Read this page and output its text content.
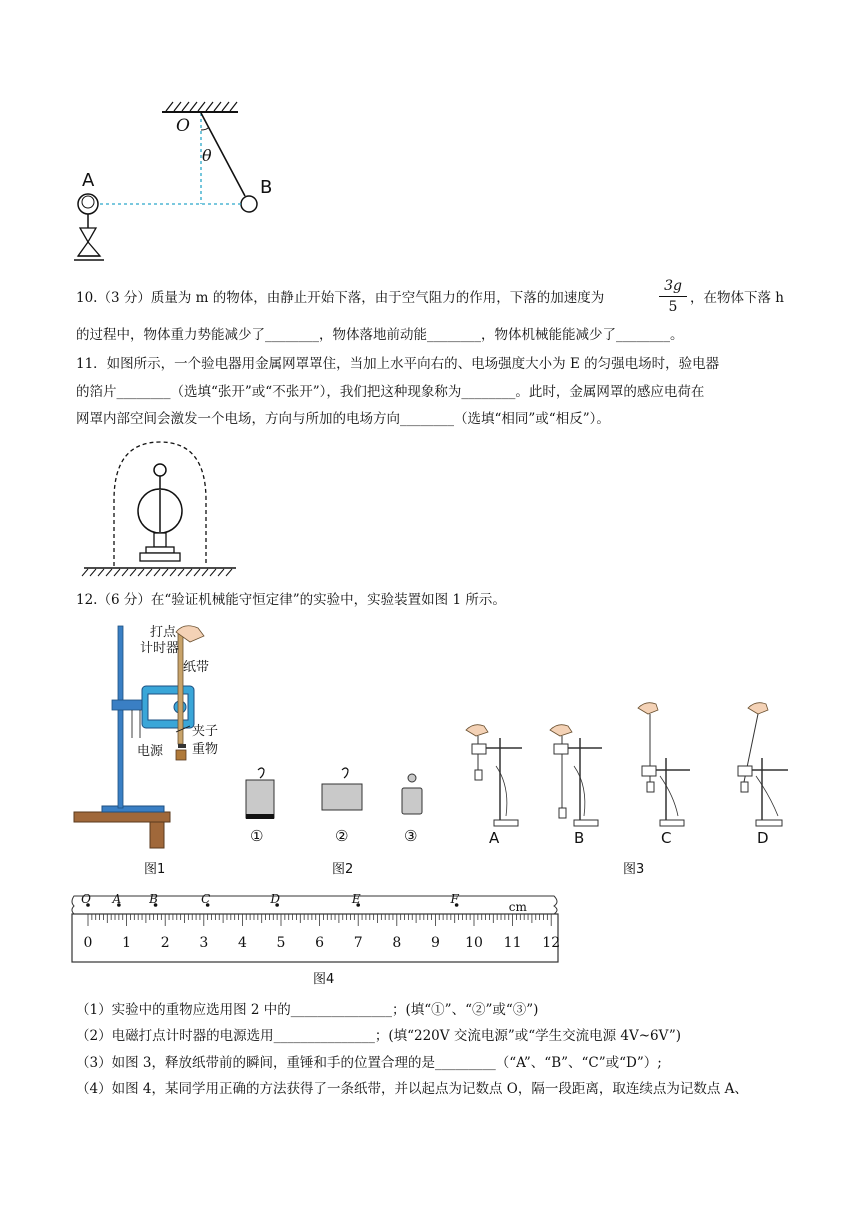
O
θ
A	B
10.（3 分）质量为 m 的物体，由静止开始下落，由于空气阻力的作用，下落的加速度为	$\frac{3g}{5}$ ，在物体下落 h
的过程中，物体重力势能减少了________，物体落地前动能________，物体机械能能减少了________。
11．如图所示，一个验电器用金属网罩罩住，当加上水平向右的、电场强度大小为 E 的匀强电场时，验电器
的箔片________（选填“张开”或“不张开”），我们把这种现象称为________。此时，金属网罩的感应电荷在
网罩内部空间会激发一个电场，方向与所加的电场方向________（选填“相同”或“相反”）。
12.（6 分）在“验证机械能守恒定律”的实验中，实验装置如图 1 所示。
打点
计时器
纸带
夹子
电源 重物
①	②	③	A	B	C	D
图1	图2	图3
0 1 2 3 4 5 6 7 8 9 10 11 12
cm
O A B	C	D	E	F
图4
（1）实验中的重物应选用图 2 中的_______________；(填“①”、“②”或“③”)
（2）电磁打点计时器的电源选用_______________；(填“220V 交流电源”或“学生交流电源 4V~6V”)
（3）如图 3，释放纸带前的瞬间，重锤和手的位置合理的是_________（“A”、“B”、“C”或“D”）;
（4）如图 4，某同学用正确的方法获得了一条纸带，并以起点为记数点 O，隔一段距离，取连续点为记数点 A、
